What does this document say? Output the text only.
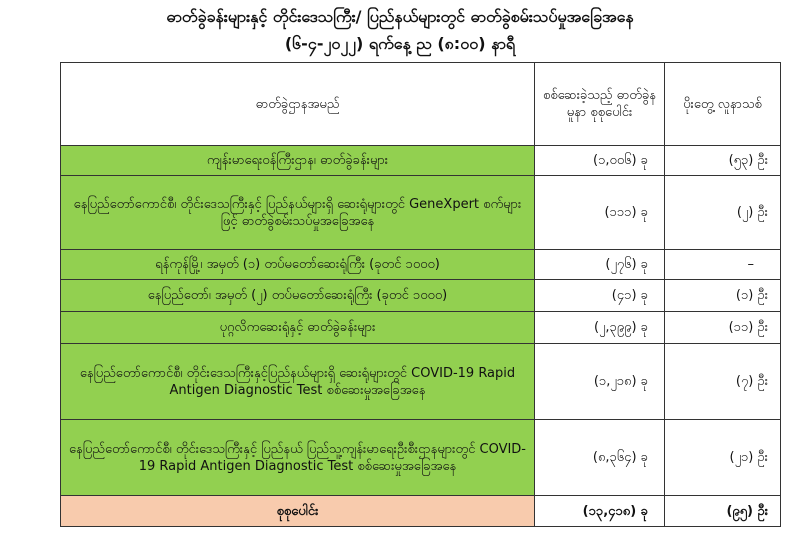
ဓာတ်ခွဲခန်းများနှင့် တိုင်းဒေသကြီး/ ပြည်နယ်များတွင် ဓာတ်ခွဲစမ်းသပ်မှုအခြေအနေ
(၆-၄-၂၀၂၂) ရက်နေ့ ည (၈:၀၀) နာရီ
ဓာတ်ခွဲဌာနအမည်	စစ်ဆေးခဲ့သည့် ဓာတ်ခွဲနမူနာ စုစုပေါင်း	ပိုးတွေ့ လူနာသစ်
ကျန်းမာရေးဝန်ကြီးဌာန၊ ဓာတ်ခွဲခန်းများ	(၁,၀၀၆) ခု	(၅၃) ဦး
နေပြည်တော်ကောင်စီ၊ တိုင်းဒေသကြီးနှင့် ပြည်နယ်များရှိ ဆေးရုံများတွင် GeneXpert စက်များဖြင့် ဓာတ်ခွဲစမ်းသပ်မှုအခြေအနေ	(၁၁၁) ခု	(၂) ဦး
ရန်ကုန်မြို့၊ အမှတ် (၁) တပ်မတော်ဆေးရုံကြီး (ခုတင် ၁၀၀၀)	(၂၇၆) ခု	–
နေပြည်တော်၊ အမှတ် (၂) တပ်မတော်ဆေးရုံကြီး (ခုတင် ၁၀၀၀)	(၄၁) ခု	(၁) ဦး
ပုဂ္ဂလိကဆေးရုံနှင့် ဓာတ်ခွဲခန်းများ	(၂,၃၉၉) ခု	(၁၁) ဦး
နေပြည်တော်ကောင်စီ၊ တိုင်းဒေသကြီးနှင့်ပြည်နယ်များရှိ ဆေးရုံများတွင် COVID-19 Rapid Antigen Diagnostic Test စစ်ဆေးမှုအခြေအနေ	(၁,၂၁၈) ခု	(၇) ဦး
နေပြည်တော်ကောင်စီ၊ တိုင်းဒေသကြီးနှင့် ပြည်နယ် ပြည်သူ့ကျန်းမာရေးဦးစီးဌာနများတွင် COVID-19 Rapid Antigen Diagnostic Test စစ်ဆေးမှုအခြေအနေ	(၈,၃၆၄) ခု	(၂၁) ဦး
စုစုပေါင်း	(၁၃,၄၁၈) ခု	(၉၅) ဦး
